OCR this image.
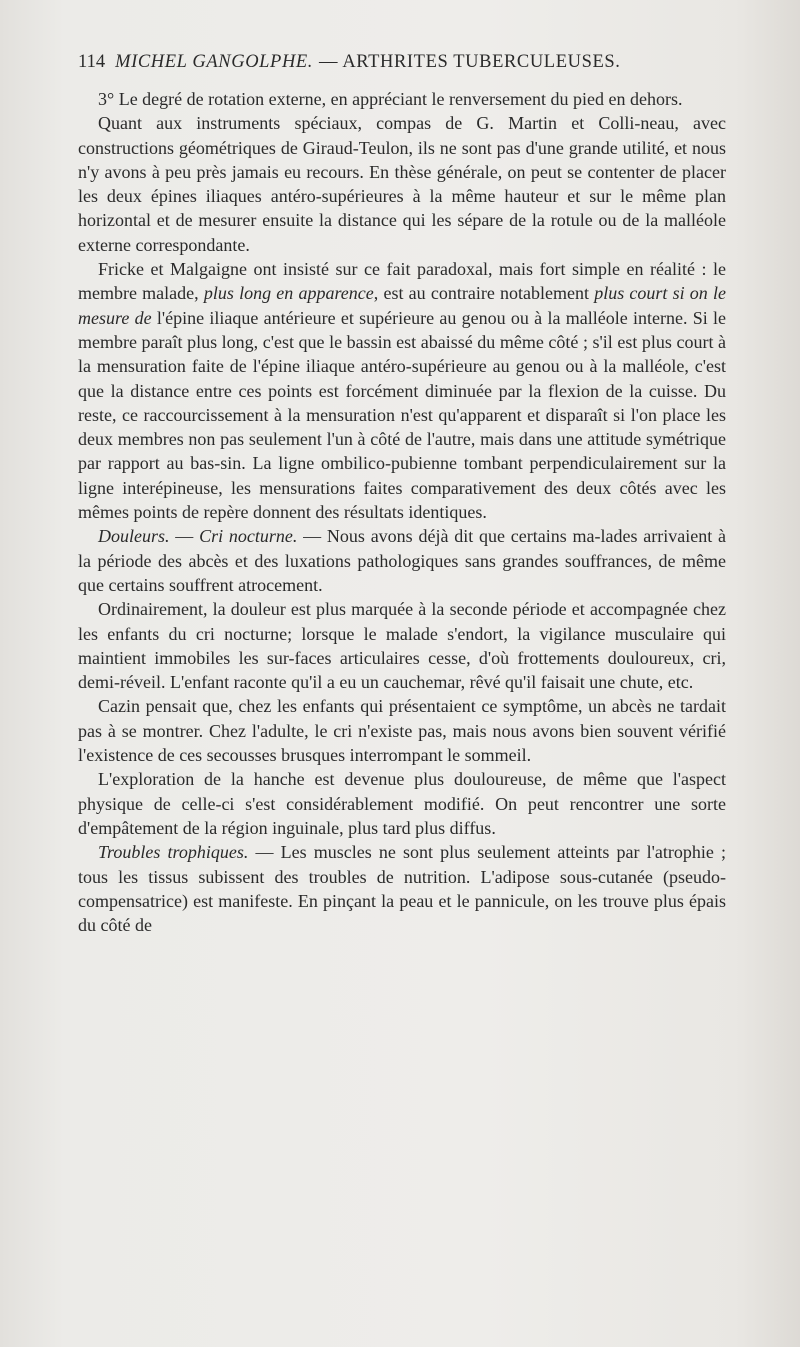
114 MICHEL GANGOLPHE. — ARTHRITES TUBERCULEUSES.

3° Le degré de rotation externe, en appréciant le renversement du pied en dehors.

Quant aux instruments spéciaux, compas de G. Martin et Colli-neau, avec constructions géométriques de Giraud-Teulon, ils ne sont pas d'une grande utilité, et nous n'y avons à peu près jamais eu recours. En thèse générale, on peut se contenter de placer les deux épines iliaques antéro-supérieures à la même hauteur et sur le même plan horizontal et de mesurer ensuite la distance qui les sépare de la rotule ou de la malléole externe correspondante.

Fricke et Malgaigne ont insisté sur ce fait paradoxal, mais fort simple en réalité : le membre malade, plus long en apparence, est au contraire notablement plus court si on le mesure de l'épine iliaque antérieure et supérieure au genou ou à la malléole interne. Si le membre paraît plus long, c'est que le bassin est abaissé du même côté ; s'il est plus court à la mensuration faite de l'épine iliaque antéro-supérieure au genou ou à la malléole, c'est que la distance entre ces points est forcément diminuée par la flexion de la cuisse. Du reste, ce raccourcissement à la mensuration n'est qu'apparent et disparaît si l'on place les deux membres non pas seulement l'un à côté de l'autre, mais dans une attitude symétrique par rapport au bas-sin. La ligne ombilico-pubienne tombant perpendiculairement sur la ligne interépineuse, les mensurations faites comparativement des deux côtés avec les mêmes points de repère donnent des résultats identiques.

Douleurs. — Cri nocturne. — Nous avons déjà dit que certains ma-lades arrivaient à la période des abcès et des luxations pathologiques sans grandes souffrances, de même que certains souffrent atrocement.

Ordinairement, la douleur est plus marquée à la seconde période et accompagnée chez les enfants du cri nocturne; lorsque le malade s'endort, la vigilance musculaire qui maintient immobiles les sur-faces articulaires cesse, d'où frottements douloureux, cri, demi-réveil. L'enfant raconte qu'il a eu un cauchemar, rêvé qu'il faisait une chute, etc.

Cazin pensait que, chez les enfants qui présentaient ce symptôme, un abcès ne tardait pas à se montrer. Chez l'adulte, le cri n'existe pas, mais nous avons bien souvent vérifié l'existence de ces secousses brusques interrompant le sommeil.

L'exploration de la hanche est devenue plus douloureuse, de même que l'aspect physique de celle-ci s'est considérablement modifié. On peut rencontrer une sorte d'empâtement de la région inguinale, plus tard plus diffus.

Troubles trophiques. — Les muscles ne sont plus seulement atteints par l'atrophie ; tous les tissus subissent des troubles de nutrition. L'adipose sous-cutanée (pseudo-compensatrice) est manifeste. En pinçant la peau et le pannicule, on les trouve plus épais du côté de
